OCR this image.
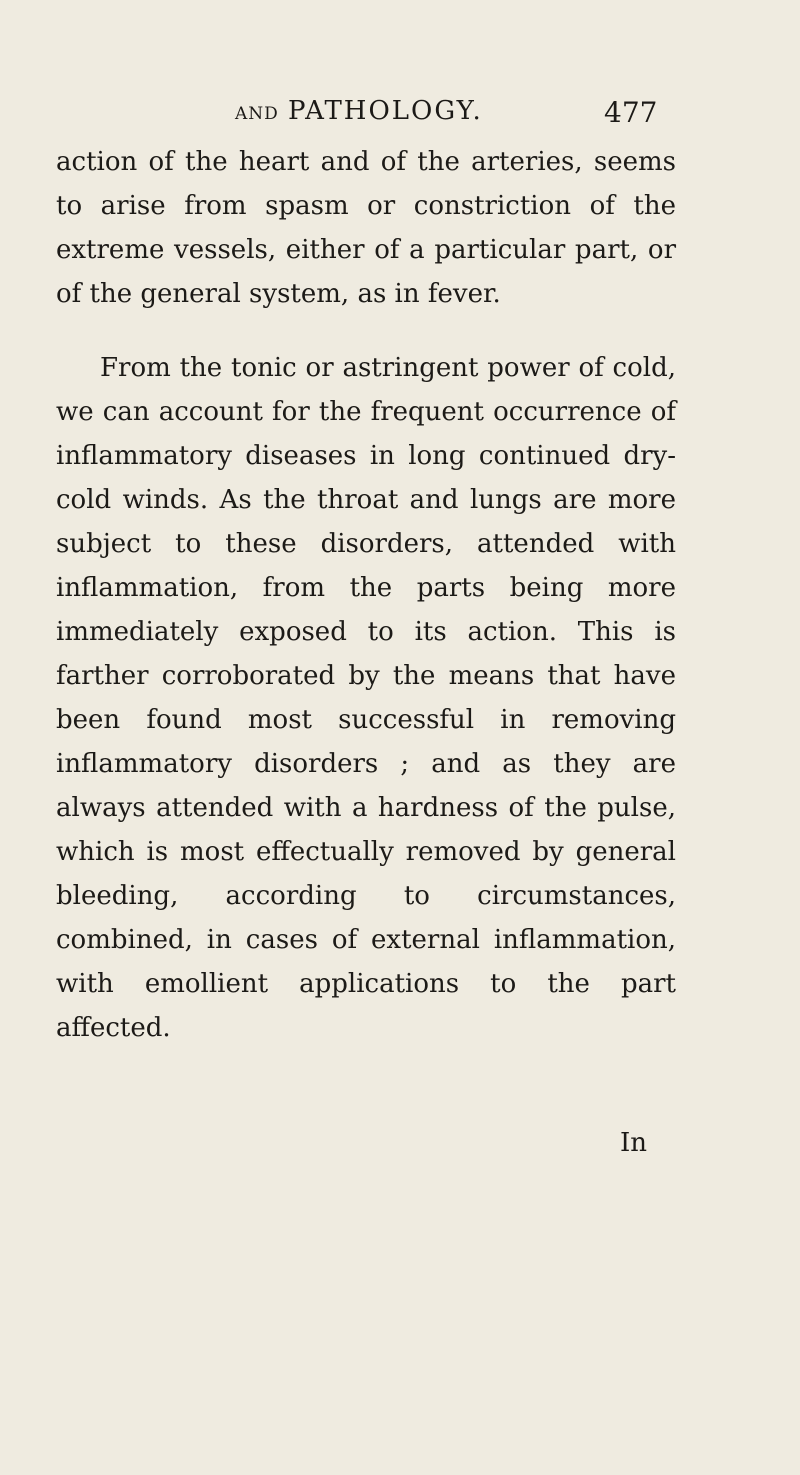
AND PATHOLOGY.	477

action of the heart and of the arteries, seems to arise from spasm or constriction of the extreme vessels, either of a particular part, or of the general system, as in fever.

From the tonic or astringent power of cold, we can account for the frequent occurrence of inflammatory diseases in long continued dry-cold winds. As the throat and lungs are more subject to these disorders, attended with inflammation, from the parts being more immediately exposed to its action. This is farther corroborated by the means that have been found most successful in removing inflammatory disorders ; and as they are always attended with a hardness of the pulse, which is most effectually removed by general bleeding, according to circumstances, combined, in cases of external inflammation, with emollient applications to the part affected.

In
